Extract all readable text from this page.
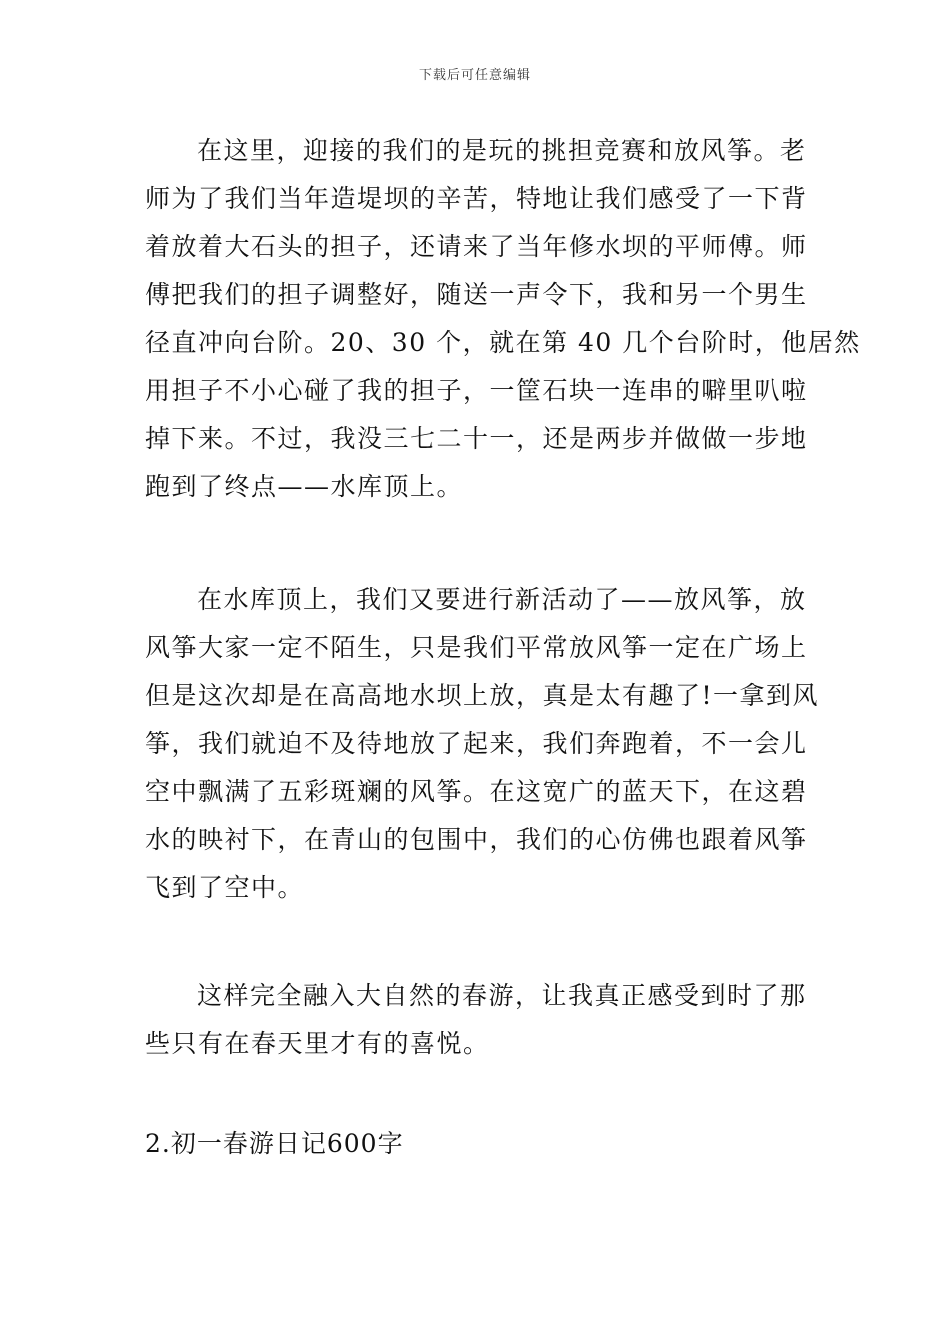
下载后可任意编辑

在这里，迎接的我们的是玩的挑担竞赛和放风筝。老
师为了我们当年造堤坝的辛苦，特地让我们感受了一下背
着放着大石头的担子，还请来了当年修水坝的平师傅。师
傅把我们的担子调整好，随送一声令下，我和另一个男生
径直冲向台阶。20、30 个，就在第 40 几个台阶时，他居然
用担子不小心碰了我的担子，一筐石块一连串的噼里叭啦
掉下来。不过，我没三七二十一，还是两步并做做一步地
跑到了终点——水库顶上。

在水库顶上，我们又要进行新活动了——放风筝，放
风筝大家一定不陌生，只是我们平常放风筝一定在广场上
但是这次却是在高高地水坝上放，真是太有趣了!一拿到风
筝，我们就迫不及待地放了起来，我们奔跑着，不一会儿
空中飘满了五彩斑斓的风筝。在这宽广的蓝天下，在这碧
水的映衬下，在青山的包围中，我们的心仿佛也跟着风筝
飞到了空中。

这样完全融入大自然的春游，让我真正感受到时了那
些只有在春天里才有的喜悦。

2.初一春游日记600字
